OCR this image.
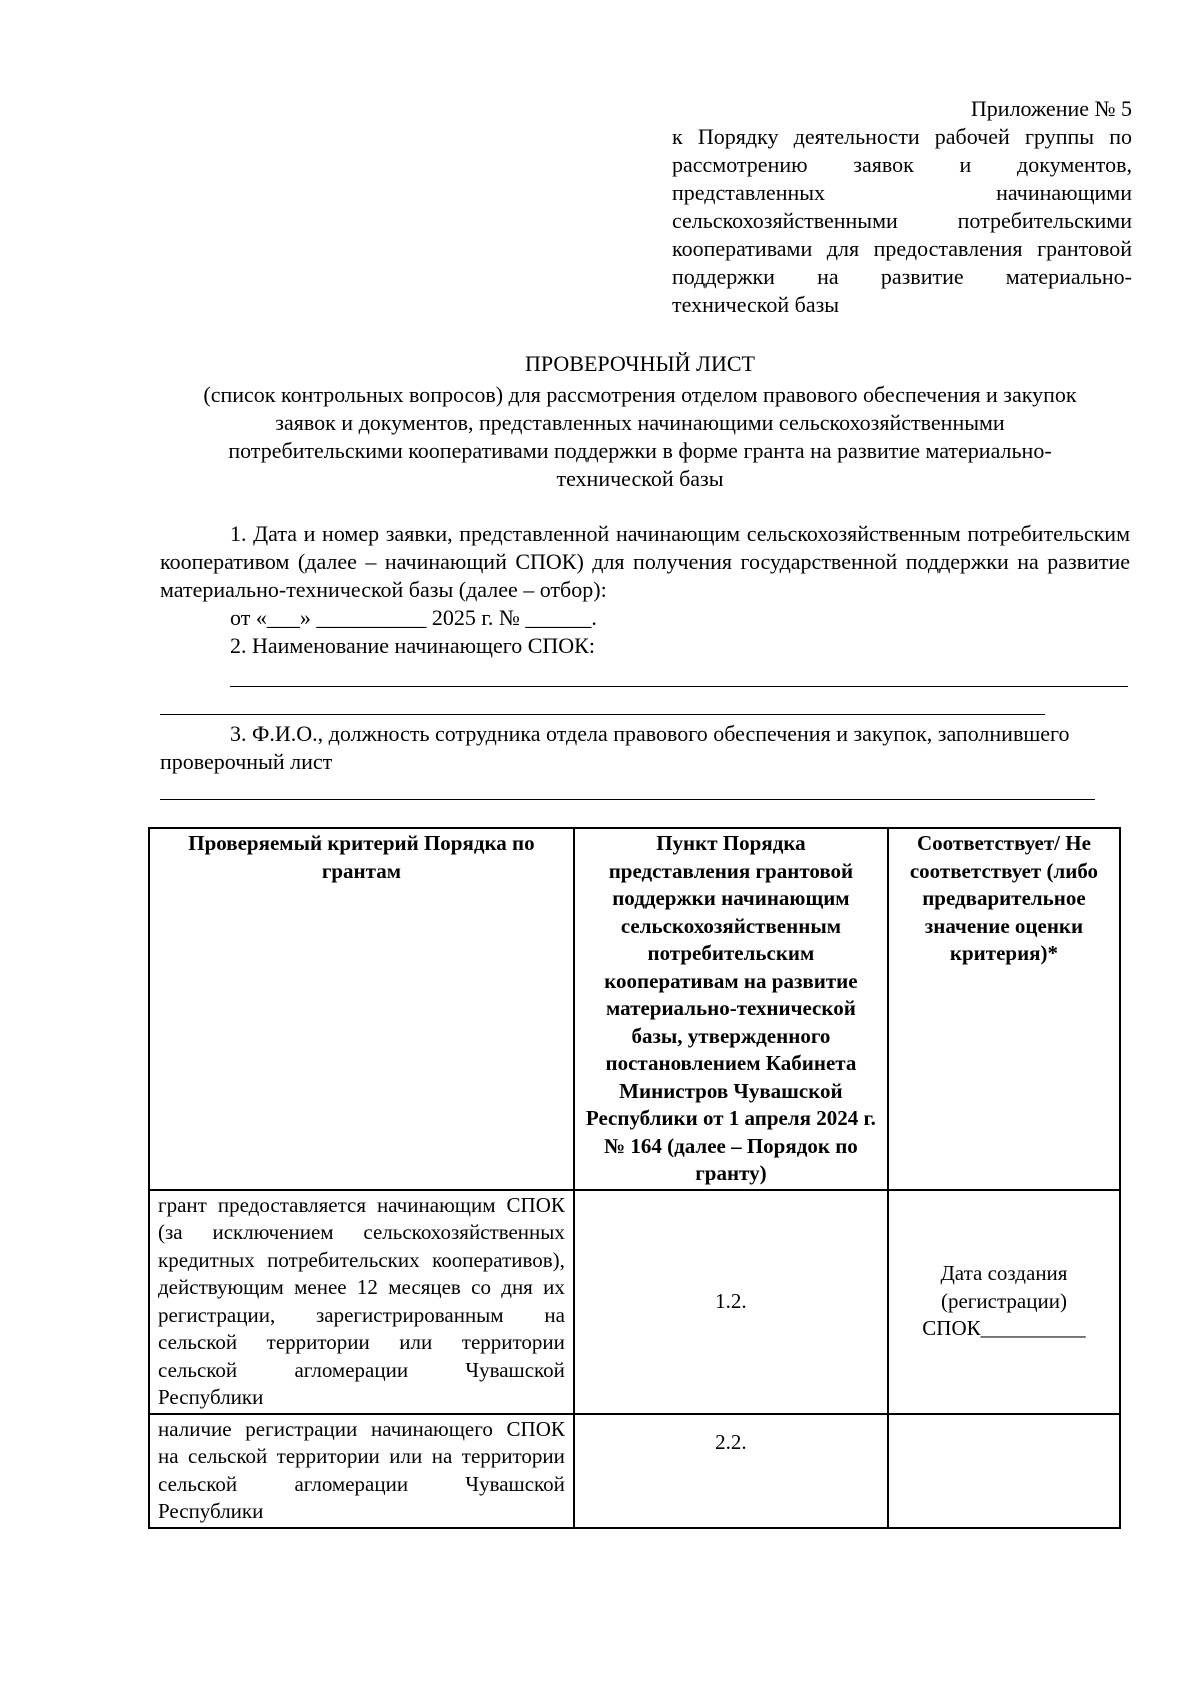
Приложение № 5
к Порядку деятельности рабочей группы по рассмотрению заявок и документов, представленных начинающими сельскохозяйственными потребительскими кооперативами для предоставления грантовой поддержки на развитие материально-технической базы
ПРОВЕРОЧНЫЙ ЛИСТ
(список контрольных вопросов) для рассмотрения отделом правового обеспечения и закупок
заявок и документов, представленных начинающими сельскохозяйственными
потребительскими кооперативами поддержки в форме гранта на развитие материально-
технической базы
1. Дата и номер заявки, представленной начинающим сельскохозяйственным потребительским кооперативом (далее – начинающий СПОК) для получения государственной поддержки на развитие материально-технической базы (далее – отбор):
от «___» __________ 2025 г. № ______.
2. Наименование начинающего СПОК:
3. Ф.И.О., должность сотрудника отдела правового обеспечения и закупок, заполнившего проверочный лист
Проверяемый критерий Порядка по грантам	Пункт Порядка представления грантовой поддержки начинающим сельскохозяйственным потребительским кооперативам на развитие материально-технической базы, утвержденного постановлением Кабинета Министров Чувашской Республики от 1 апреля 2024 г. № 164 (далее – Порядок по гранту)	Соответствует/ Не соответствует (либо предварительное значение оценки критерия)*
грант предоставляется начинающим СПОК (за исключением сельскохозяйственных кредитных потребительских кооперативов), действующим менее 12 месяцев со дня их регистрации, зарегистрированным на сельской территории или территории сельской агломерации Чувашской Республики	1.2.	Дата создания (регистрации) СПОК__________
наличие регистрации начинающего СПОК на сельской территории или на территории сельской агломерации Чувашской Республики	2.2.	
